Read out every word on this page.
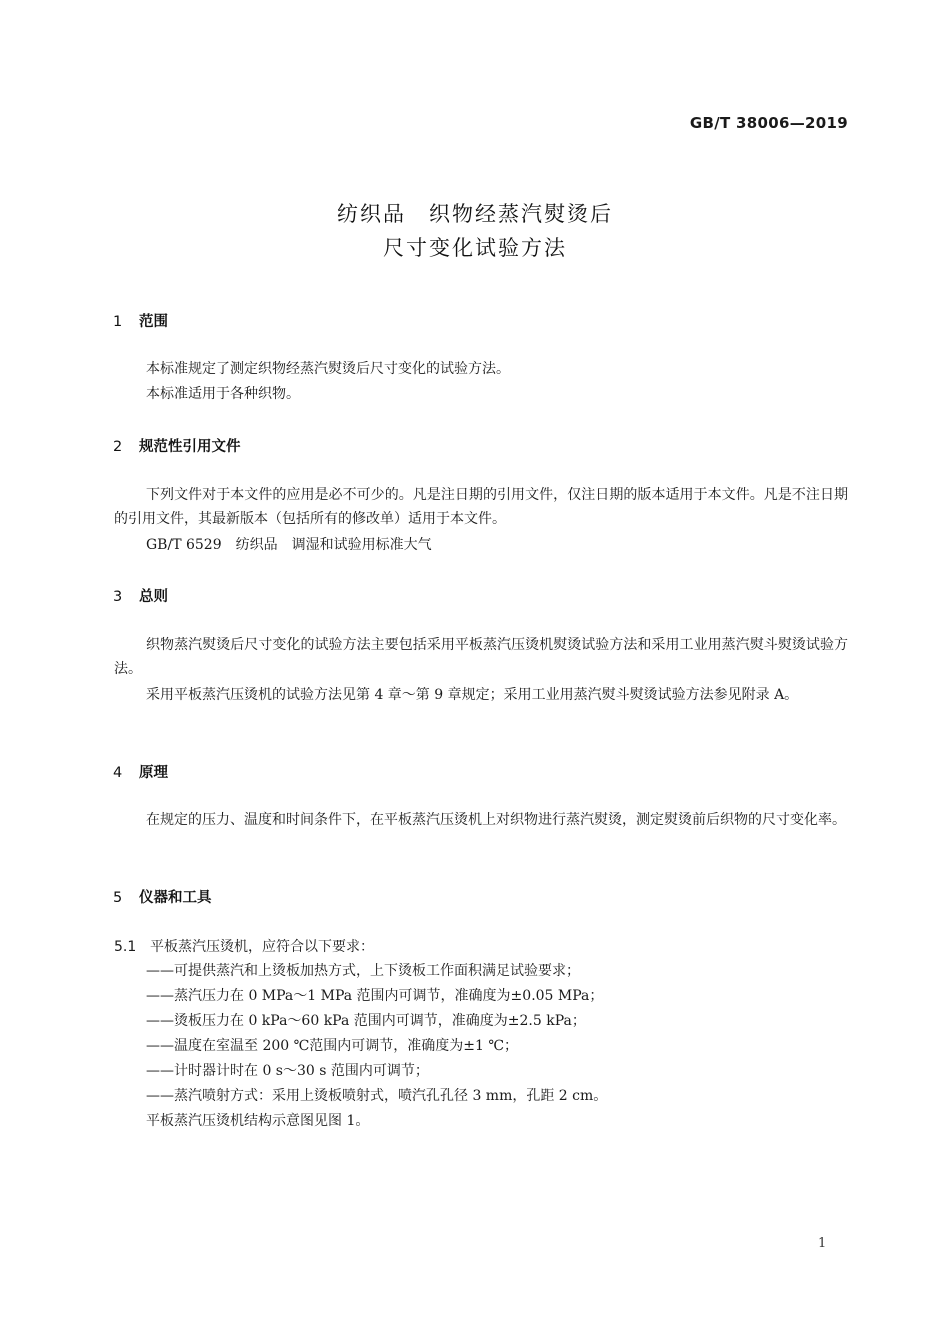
GB/T 38006—2019
纺织品　织物经蒸汽熨烫后
尺寸变化试验方法
1 范围
本标准规定了测定织物经蒸汽熨烫后尺寸变化的试验方法。
本标准适用于各种织物。
2 规范性引用文件
下列文件对于本文件的应用是必不可少的。凡是注日期的引用文件，仅注日期的版本适用于本文件。凡是不注日期的引用文件，其最新版本（包括所有的修改单）适用于本文件。
GB/T 6529　纺织品　调湿和试验用标准大气
3 总则
织物蒸汽熨烫后尺寸变化的试验方法主要包括采用平板蒸汽压烫机熨烫试验方法和采用工业用蒸汽熨斗熨烫试验方法。
采用平板蒸汽压烫机的试验方法见第 4 章～第 9 章规定；采用工业用蒸汽熨斗熨烫试验方法参见附录 A。
4 原理
在规定的压力、温度和时间条件下，在平板蒸汽压烫机上对织物进行蒸汽熨烫，测定熨烫前后织物的尺寸变化率。
5 仪器和工具
5.1 平板蒸汽压烫机，应符合以下要求：
——可提供蒸汽和上烫板加热方式，上下烫板工作面积满足试验要求；
——蒸汽压力在 0 MPa～1 MPa 范围内可调节，准确度为±0.05 MPa；
——烫板压力在 0 kPa～60 kPa 范围内可调节，准确度为±2.5 kPa；
——温度在室温至 200 ℃范围内可调节，准确度为±1 ℃；
——计时器计时在 0 s～30 s 范围内可调节；
——蒸汽喷射方式：采用上烫板喷射式，喷汽孔孔径 3 mm，孔距 2 cm。
平板蒸汽压烫机结构示意图见图 1。
1
